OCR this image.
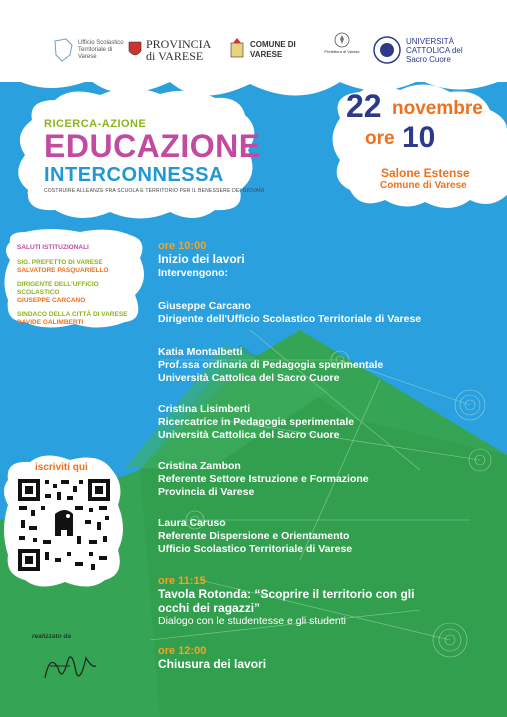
Ufficio Scolastico Territoriale di Varese
PROVINCIA di VARESE
COMUNE DI VARESE	Prefettura di Varese
UNIVERSITÀ CATTOLICA del Sacro Cuore
RICERCA-AZIONE
EDUCAZIONE
INTERCONNESSA
COSTRUIRE ALLEANZE FRA SCUOLA E TERRITORIO PER IL BENESSERE DEI GIOVANI
22 novembre
ore 10
Salone Estense
Comune di Varese
SALUTI ISTITUZIONALI
SIG. PREFETTO DI VARESE
SALVATORE PASQUARIELLO
DIRIGENTE DELL'UFFICIO SCOLASTICO
GIUSEPPE CARCANO
SINDACO DELLA CITTÀ DI VARESE
DAVIDE GALIMBERTI
ore 10:00
Inizio dei lavori
Intervengono:
Giuseppe Carcano
Dirigente dell'Ufficio Scolastico Territoriale di Varese
Katia Montalbetti
Prof.ssa ordinaria di Pedagogia sperimentale
Università Cattolica del Sacro Cuore
Cristina Lisimberti
Ricercatrice in Pedagogia sperimentale
Università Cattolica del Sacro Cuore
Cristina Zambon
Referente Settore Istruzione e Formazione
Provincia di Varese
Laura Caruso
Referente Dispersione e Orientamento
Ufficio Scolastico Territoriale di Varese
ore 11:15
Tavola Rotonda: “Scoprire il territorio con gli
occhi dei ragazzi”
Dialogo con le studentesse e gli studenti
ore 12:00
Chiusura dei lavori
iscriviti qui
realizzato da
